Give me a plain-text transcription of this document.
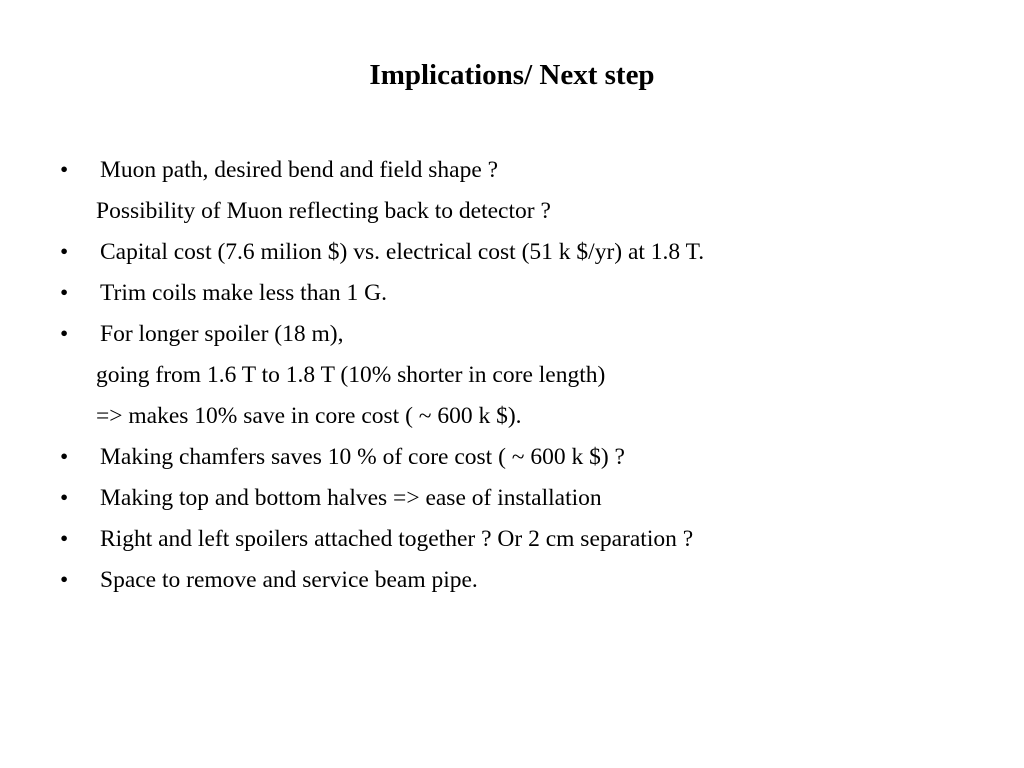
Implications/ Next step
• Muon path, desired bend and field shape ?
Possibility of Muon reflecting back to detector ?
• Capital cost (7.6 milion $) vs. electrical cost (51 k $/yr) at 1.8 T.
• Trim coils make less than 1 G.
• For longer spoiler (18 m),
going from 1.6 T to 1.8 T (10% shorter in core length)
=> makes 10% save in core cost ( ~ 600 k $).
• Making chamfers saves 10 % of core cost ( ~ 600 k $) ?
• Making top and bottom halves => ease of installation
• Right and left spoilers attached together ? Or 2 cm separation ?
• Space to remove and service beam pipe.
